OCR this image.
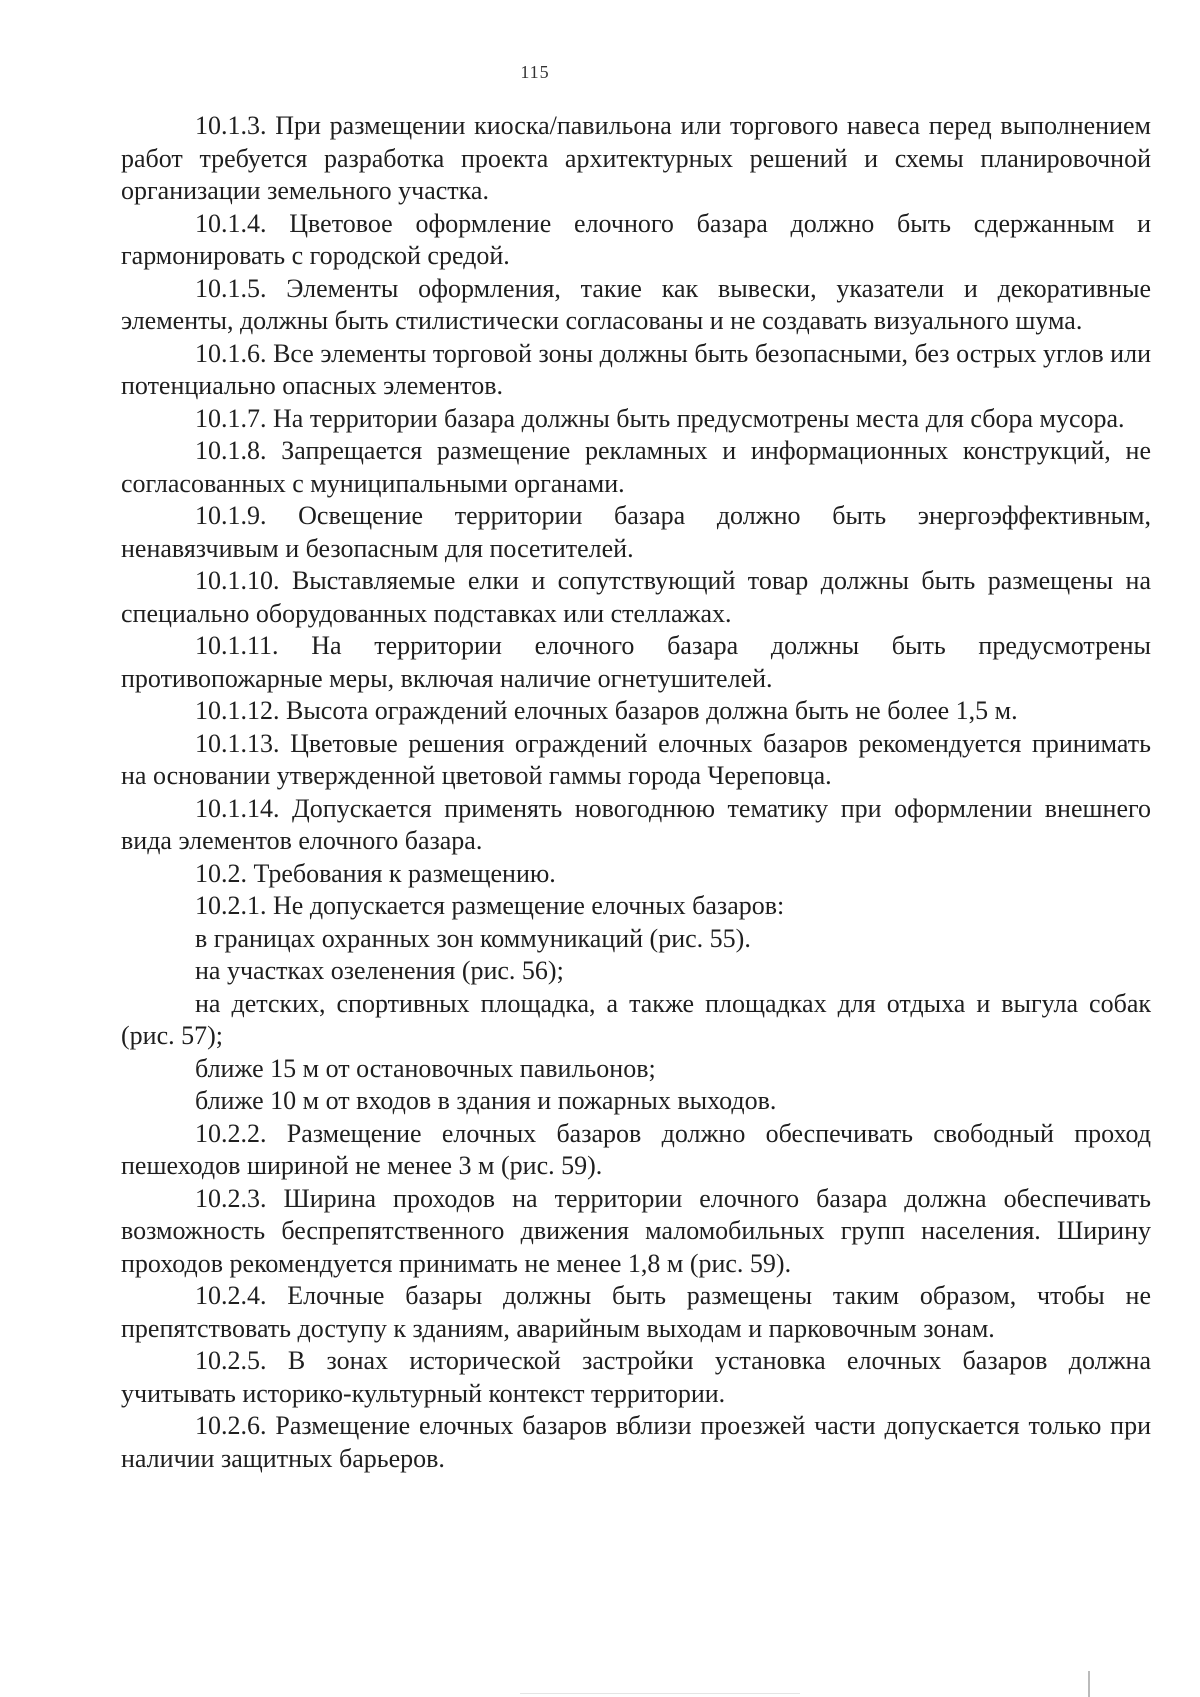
115

10.1.3. При размещении киоска/павильона или торгового навеса перед выполнением работ требуется разработка проекта архитектурных решений и схемы планировочной организации земельного участка.

10.1.4. Цветовое оформление елочного базара должно быть сдержанным и гармонировать с городской средой.

10.1.5. Элементы оформления, такие как вывески, указатели и декоративные элементы, должны быть стилистически согласованы и не создавать визуального шума.

10.1.6. Все элементы торговой зоны должны быть безопасными, без острых углов или потенциально опасных элементов.

10.1.7. На территории базара должны быть предусмотрены места для сбора мусора.

10.1.8. Запрещается размещение рекламных и информационных конструкций, не согласованных с муниципальными органами.

10.1.9. Освещение территории базара должно быть энергоэффективным, ненавязчивым и безопасным для посетителей.

10.1.10. Выставляемые елки и сопутствующий товар должны быть размещены на специально оборудованных подставках или стеллажах.

10.1.11. На территории елочного базара должны быть предусмотрены противопожарные меры, включая наличие огнетушителей.

10.1.12. Высота ограждений елочных базаров должна быть не более 1,5 м.

10.1.13. Цветовые решения ограждений елочных базаров рекомендуется принимать на основании утвержденной цветовой гаммы города Череповца.

10.1.14. Допускается применять новогоднюю тематику при оформлении внешнего вида элементов елочного базара.

10.2. Требования к размещению.

10.2.1. Не допускается размещение елочных базаров:

в границах охранных зон коммуникаций (рис. 55).

на участках озеленения (рис. 56);

на детских, спортивных площадка, а также площадках для отдыха и выгула собак (рис. 57);

ближе 15 м от остановочных павильонов;

ближе 10 м от входов в здания и пожарных выходов.

10.2.2. Размещение елочных базаров должно обеспечивать свободный проход пешеходов шириной не менее 3 м (рис. 59).

10.2.3. Ширина проходов на территории елочного базара должна обеспечивать возможность беспрепятственного движения маломобильных групп населения. Ширину проходов рекомендуется принимать не менее 1,8 м (рис. 59).

10.2.4. Елочные базары должны быть размещены таким образом, чтобы не препятствовать доступу к зданиям, аварийным выходам и парковочным зонам.

10.2.5. В зонах исторической застройки установка елочных базаров должна учитывать историко-культурный контекст территории.

10.2.6. Размещение елочных базаров вблизи проезжей части допускается только при наличии защитных барьеров.
